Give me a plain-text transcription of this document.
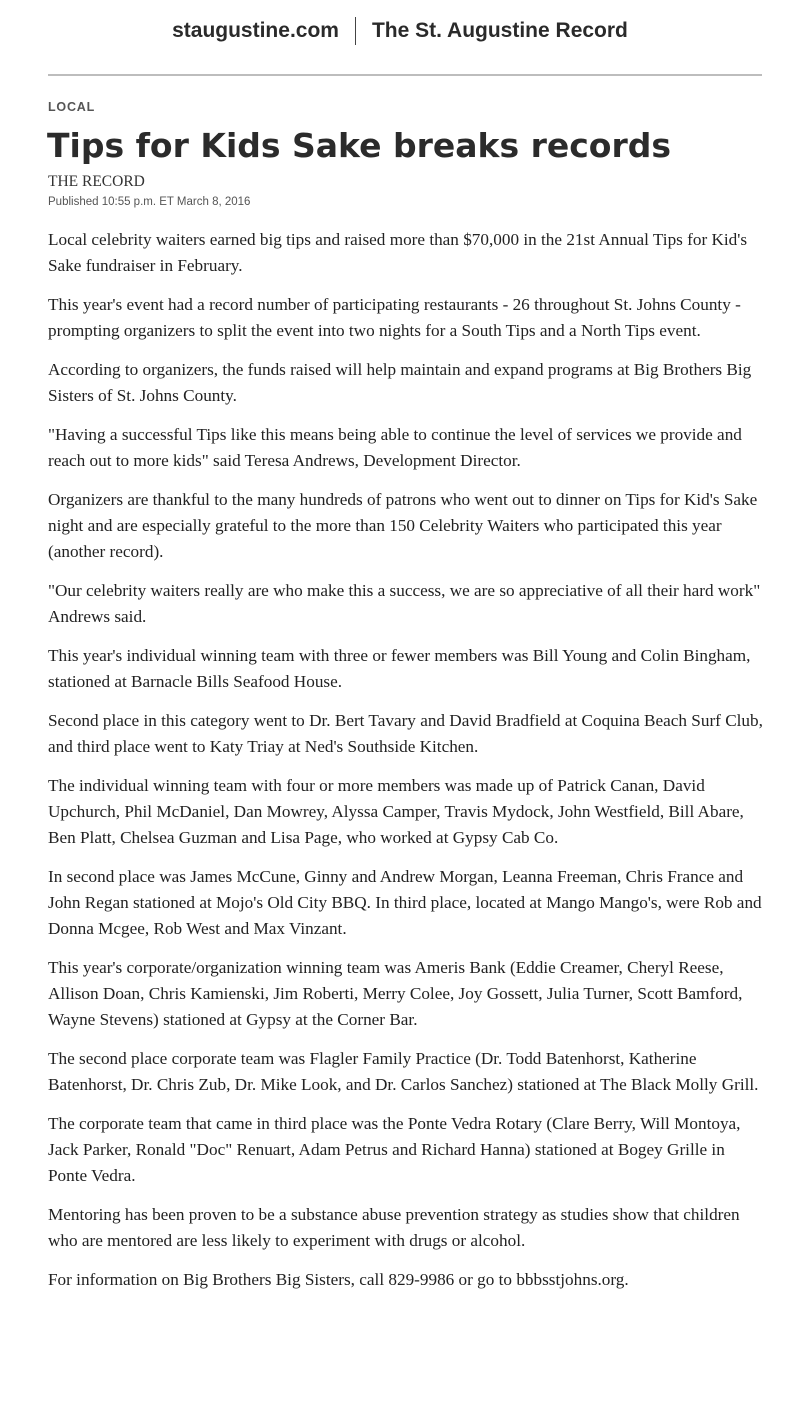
staugustine.com	The St. Augustine Record
LOCAL
Tips for Kids Sake breaks records
THE RECORD
Published 10:55 p.m. ET March 8, 2016

Local celebrity waiters earned big tips and raised more than $70,000 in the 21st Annual Tips for Kid's Sake fundraiser in February.

This year's event had a record number of participating restaurants - 26 throughout St. Johns County - prompting organizers to split the event into two nights for a South Tips and a North Tips event.

According to organizers, the funds raised will help maintain and expand programs at Big Brothers Big Sisters of St. Johns County.

"Having a successful Tips like this means being able to continue the level of services we provide and reach out to more kids" said Teresa Andrews, Development Director.

Organizers are thankful to the many hundreds of patrons who went out to dinner on Tips for Kid's Sake night and are especially grateful to the more than 150 Celebrity Waiters who participated this year (another record).

"Our celebrity waiters really are who make this a success, we are so appreciative of all their hard work" Andrews said.

This year's individual winning team with three or fewer members was Bill Young and Colin Bingham, stationed at Barnacle Bills Seafood House.

Second place in this category went to Dr. Bert Tavary and David Bradfield at Coquina Beach Surf Club, and third place went to Katy Triay at Ned's Southside Kitchen.

The individual winning team with four or more members was made up of Patrick Canan, David Upchurch, Phil McDaniel, Dan Mowrey, Alyssa Camper, Travis Mydock, John Westfield, Bill Abare, Ben Platt, Chelsea Guzman and Lisa Page, who worked at Gypsy Cab Co.

In second place was James McCune, Ginny and Andrew Morgan, Leanna Freeman, Chris France and John Regan stationed at Mojo's Old City BBQ. In third place, located at Mango Mango's, were Rob and Donna Mcgee, Rob West and Max Vinzant.

This year's corporate/organization winning team was Ameris Bank (Eddie Creamer, Cheryl Reese, Allison Doan, Chris Kamienski, Jim Roberti, Merry Colee, Joy Gossett, Julia Turner, Scott Bamford, Wayne Stevens) stationed at Gypsy at the Corner Bar.

The second place corporate team was Flagler Family Practice (Dr. Todd Batenhorst, Katherine Batenhorst, Dr. Chris Zub, Dr. Mike Look, and Dr. Carlos Sanchez) stationed at The Black Molly Grill.

The corporate team that came in third place was the Ponte Vedra Rotary (Clare Berry, Will Montoya, Jack Parker, Ronald "Doc" Renuart, Adam Petrus and Richard Hanna) stationed at Bogey Grille in Ponte Vedra.

Mentoring has been proven to be a substance abuse prevention strategy as studies show that children who are mentored are less likely to experiment with drugs or alcohol.

For information on Big Brothers Big Sisters, call 829-9986 or go to bbbsstjohns.org.
